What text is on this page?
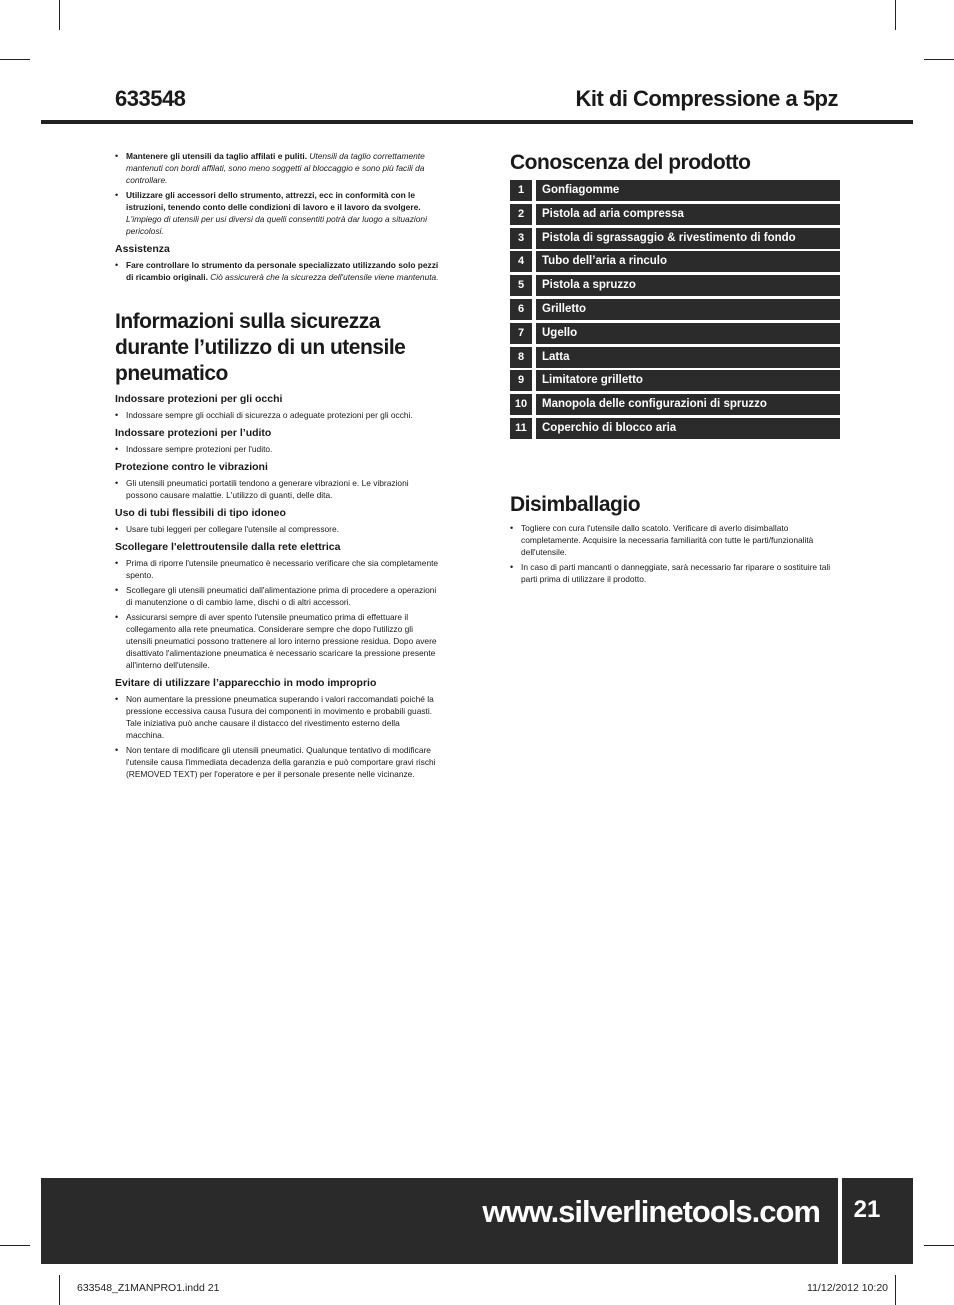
633548	Kit di Compressione a 5pz
• Mantenere gli utensili da taglio affilati e puliti. Utensili da taglio correttamente mantenuti con bordi affilati, sono meno soggetti al bloccaggio e sono più facili da controllare.
• Utilizzare gli accessori dello strumento, attrezzi, ecc in conformità con le istruzioni, tenendo conto delle condizioni di lavoro e il lavoro da svolgere. L'impiego di utensili per usi diversi da quelli consentiti potrà dar luogo a situazioni pericolosi.
Assistenza
• Fare controllare lo strumento da personale specializzato utilizzando solo pezzi di ricambio originali. Ciò assicurerà che la sicurezza dell'utensile viene mantenuta.
Informazioni sulla sicurezza durante l’utilizzo di un utensile pneumatico
Indossare protezioni per gli occhi
• Indossare sempre gli occhiali di sicurezza o adeguate protezioni per gli occhi.
Indossare protezioni per l’udito
• Indossare sempre protezioni per l'udito.
Protezione contro le vibrazioni
• Gli utensili pneumatici portatili tendono a generare vibrazioni e. Le vibrazioni possono causare malattie. L'utilizzo di guanti, delle dita.
Uso di tubi flessibili di tipo idoneo
• Usare tubi leggeri per collegare l'utensile al compressore.
Scollegare l'elettroutensile dalla rete elettrica
• Prima di riporre l'utensile pneumatico è necessario verificare che sia completamente spento.
• Scollegare gli utensili pneumatici dall'alimentazione prima di procedere a operazioni di manutenzione o di cambio lame, dischi o di altri accessori.
• Assicurarsi sempre di aver spento l'utensile pneumatico prima di effettuare il collegamento alla rete pneumatica. Considerare sempre che dopo l'utilizzo gli utensili pneumatici possono trattenere al loro interno pressione residua. Dopo avere disattivato l'alimentazione pneumatica è necessario scaricare la pressione presente all'interno dell'utensile.
Evitare di utilizzare l’apparecchio in modo improprio
• Non aumentare la pressione pneumatica superando i valori raccomandati poiché la pressione eccessiva causa l'usura dei componenti in movimento e probabili guasti. Tale iniziativa può anche causare il distacco del rivestimento esterno della macchina.
• Non tentare di modificare gli utensili pneumatici. Qualunque tentativo di modificare l'utensile causa l'immediata decadenza della garanzia e può comportare gravi rischi (REMOVED TEXT) per l'operatore e per il personale presente nelle vicinanze.
Conoscenza del prodotto
1	Gonfiagomme
2	Pistola ad aria compressa
3	Pistola di sgrassaggio & rivestimento di fondo
4	Tubo dell’aria a rinculo
5	Pistola a spruzzo
6	Grilletto
7	Ugello
8	Latta
9	Limitatore grilletto
10	Manopola delle configurazioni di spruzzo
11	Coperchio di blocco aria
Disimballagio
• Togliere con cura l'utensile dallo scatolo. Verificare di averlo disimballato completamente. Acquisire la necessaria familiarità con tutte le parti/funzionalità dell'utensile.
• In caso di parti mancanti o danneggiate, sarà necessario far riparare o sostituire tali parti prima di utilizzare il prodotto.
www.silverlinetools.com	21
633548_Z1MANPRO1.indd 21	11/12/2012 10:20
